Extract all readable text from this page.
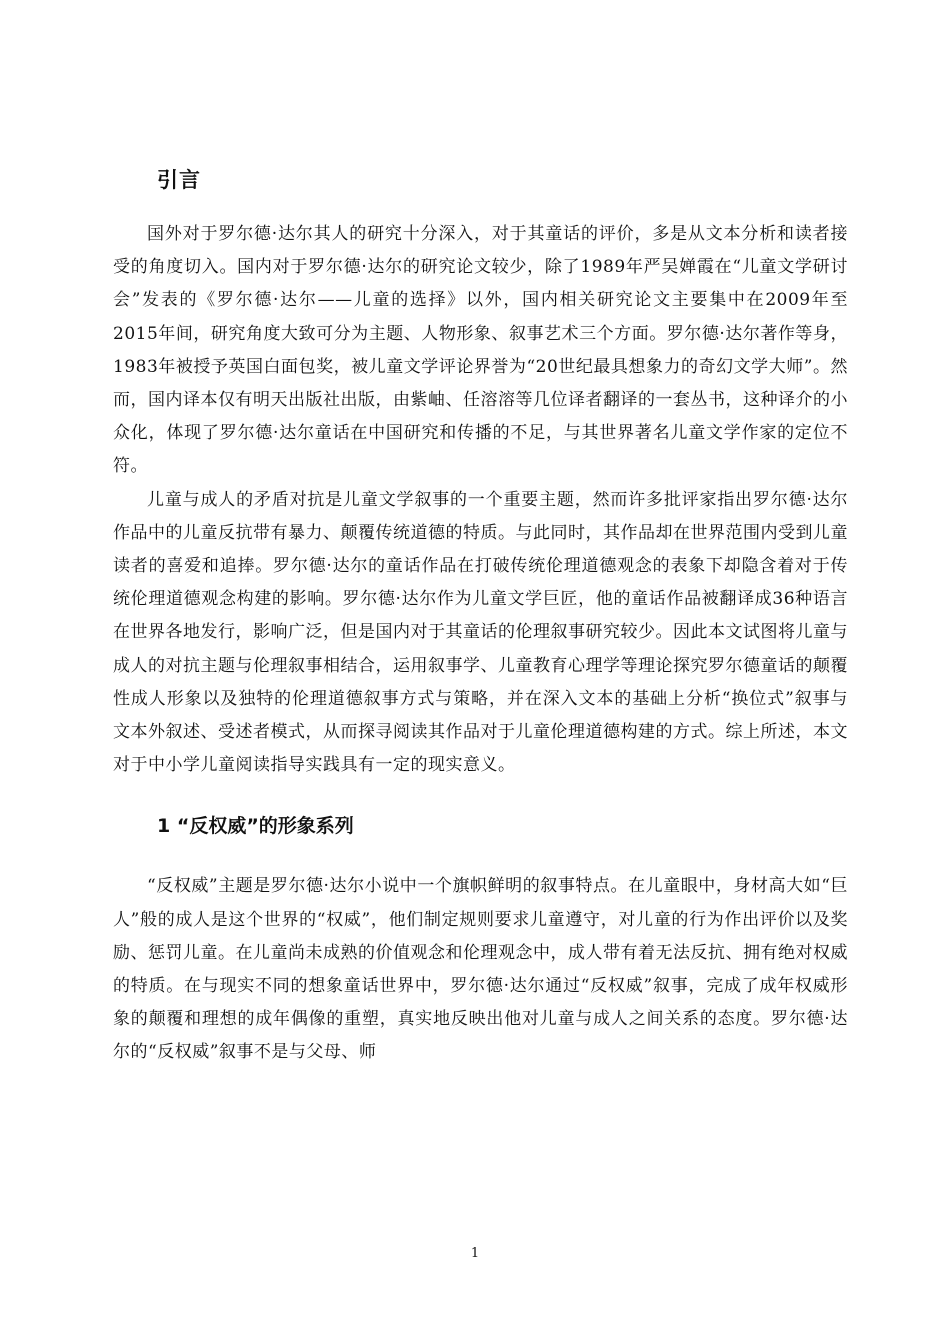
引言

国外对于罗尔德·达尔其人的研究十分深入，对于其童话的评价，多是从文本分析和读者接受的角度切入。国内对于罗尔德·达尔的研究论文较少，除了1989年严吴婵霞在“儿童文学研讨会”发表的《罗尔德·达尔——儿童的选择》以外，国内相关研究论文主要集中在2009年至2015年间，研究角度大致可分为主题、人物形象、叙事艺术三个方面。罗尔德·达尔著作等身，1983年被授予英国白面包奖，被儿童文学评论界誉为“20世纪最具想象力的奇幻文学大师”。然而，国内译本仅有明天出版社出版，由紫岫、任溶溶等几位译者翻译的一套丛书，这种译介的小众化，体现了罗尔德·达尔童话在中国研究和传播的不足，与其世界著名儿童文学作家的定位不符。

儿童与成人的矛盾对抗是儿童文学叙事的一个重要主题，然而许多批评家指出罗尔德·达尔作品中的儿童反抗带有暴力、颠覆传统道德的特质。与此同时，其作品却在世界范围内受到儿童读者的喜爱和追捧。罗尔德·达尔的童话作品在打破传统伦理道德观念的表象下却隐含着对于传统伦理道德观念构建的影响。罗尔德·达尔作为儿童文学巨匠，他的童话作品被翻译成36种语言在世界各地发行，影响广泛，但是国内对于其童话的伦理叙事研究较少。因此本文试图将儿童与成人的对抗主题与伦理叙事相结合，运用叙事学、儿童教育心理学等理论探究罗尔德童话的颠覆性成人形象以及独特的伦理道德叙事方式与策略，并在深入文本的基础上分析“换位式”叙事与文本外叙述、受述者模式，从而探寻阅读其作品对于儿童伦理道德构建的方式。综上所述，本文对于中小学儿童阅读指导实践具有一定的现实意义。

1 “反权威”的形象系列

“反权威”主题是罗尔德·达尔小说中一个旗帜鲜明的叙事特点。在儿童眼中，身材高大如“巨人”般的成人是这个世界的“权威”，他们制定规则要求儿童遵守，对儿童的行为作出评价以及奖励、惩罚儿童。在儿童尚未成熟的价值观念和伦理观念中，成人带有着无法反抗、拥有绝对权威的特质。在与现实不同的想象童话世界中，罗尔德·达尔通过“反权威”叙事，完成了成年权威形象的颠覆和理想的成年偶像的重塑，真实地反映出他对儿童与成人之间关系的态度。罗尔德·达尔的“反权威”叙事不是与父母、师

1
